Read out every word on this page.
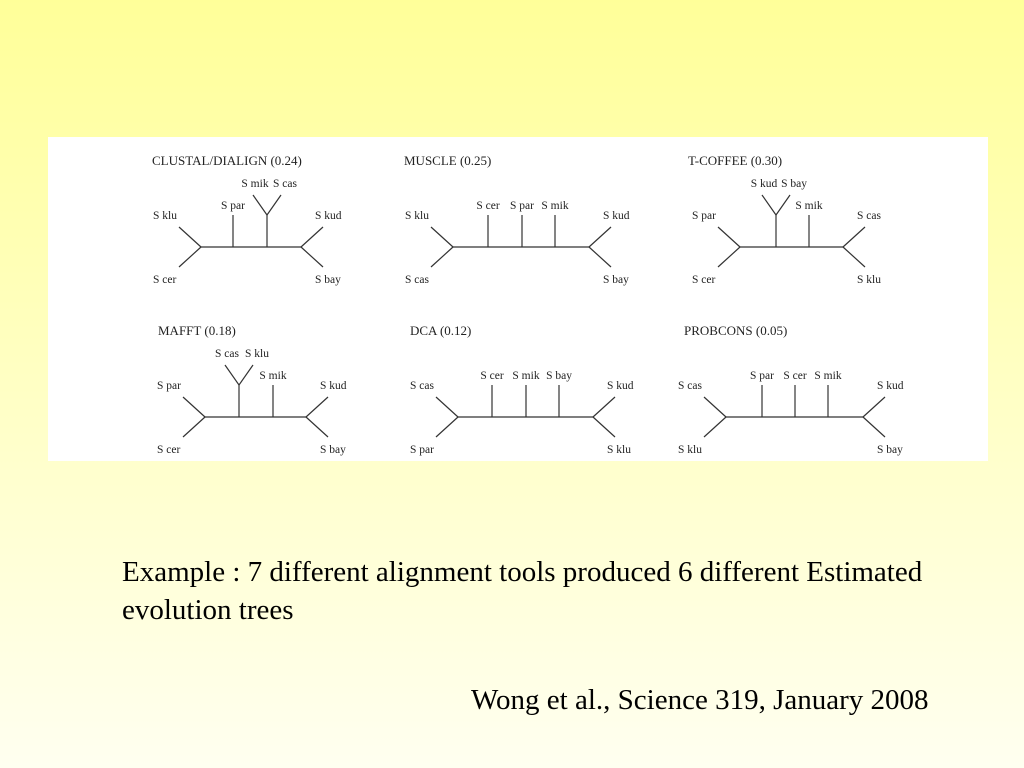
CLUSTAL/DIALIGN (0.24)
S klu
S cer
S kud
S bay
S par
S mik S cas
MUSCLE (0.25)
S klu
S cas
S kud
S bay
S cer S par S mik
T-COFFEE (0.30)
S par
S cer
S cas
S klu
S mik
S kud S bay
MAFFT (0.18)
S par
S cer
S kud
S bay
S mik
S cas S klu
DCA (0.12)
S cas
S par
S kud
S klu
S cer S mik S bay
PROBCONS (0.05)
S cas
S klu
S kud
S bay
S par S cer S mik
Example : 7 different alignment tools produced 6 different Estimated evolution trees
Wong et al., Science 319, January 2008
